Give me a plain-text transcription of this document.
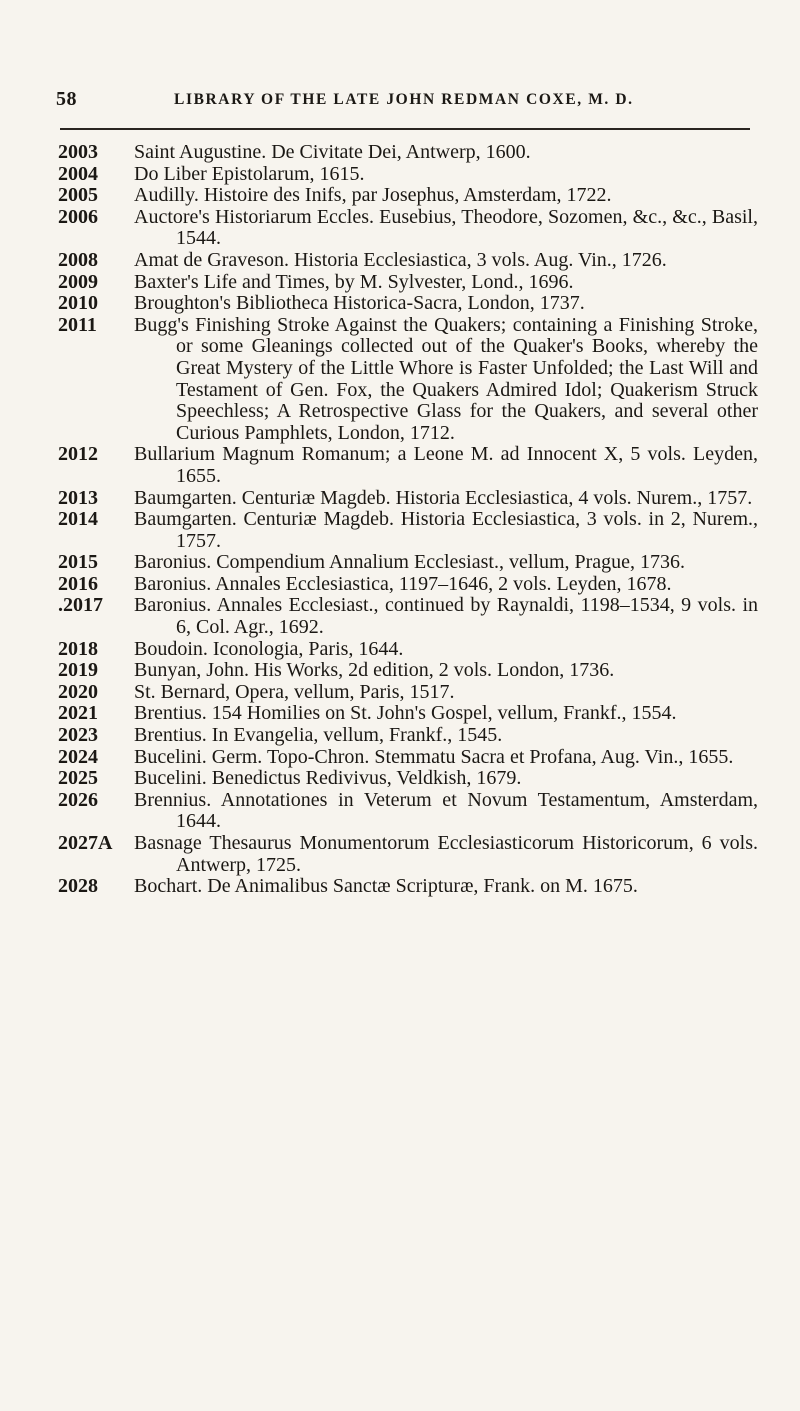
58	LIBRARY OF THE LATE JOHN REDMAN COXE, M. D.
2003	Saint Augustine. De Civitate Dei, Antwerp, 1600.
2004	Do Liber Epistolarum, 1615.
2005	Audilly. Histoire des Inifs, par Josephus, Amsterdam, 1722.
2006	Auctore's Historiarum Eccles. Eusebius, Theodore, Sozomen, &c., &c., Basil, 1544.
2008	Amat de Graveson. Historia Ecclesiastica, 3 vols. Aug. Vin., 1726.
2009	Baxter's Life and Times, by M. Sylvester, Lond., 1696.
2010	Broughton's Bibliotheca Historica-Sacra, London, 1737.
2011	Bugg's Finishing Stroke Against the Quakers; containing a Finishing Stroke, or some Gleanings collected out of the Quaker's Books, whereby the Great Mystery of the Little Whore is Faster Unfolded; the Last Will and Testament of Gen. Fox, the Quakers Admired Idol; Quakerism Struck Speechless; A Retrospective Glass for the Quakers, and several other Curious Pamphlets, London, 1712.
2012	Bullarium Magnum Romanum; a Leone M. ad Innocent X, 5 vols. Leyden, 1655.
2013	Baumgarten. Centuriæ Magdeb. Historia Ecclesiastica, 4 vols. Nurem., 1757.
2014	Baumgarten. Centuriæ Magdeb. Historia Ecclesiastica, 3 vols. in 2, Nurem., 1757.
2015	Baronius. Compendium Annalium Ecclesiast., vellum, Prague, 1736.
2016	Baronius. Annales Ecclesiastica, 1197–1646, 2 vols. Leyden, 1678.
.2017	Baronius. Annales Ecclesiast., continued by Raynaldi, 1198–1534, 9 vols. in 6, Col. Agr., 1692.
2018	Boudoin. Iconologia, Paris, 1644.
2019	Bunyan, John. His Works, 2d edition, 2 vols. London, 1736.
2020	St. Bernard, Opera, vellum, Paris, 1517.
2021	Brentius. 154 Homilies on St. John's Gospel, vellum, Frankf., 1554.
2023	Brentius. In Evangelia, vellum, Frankf., 1545.
2024	Bucelini. Germ. Topo-Chron. Stemmatu Sacra et Profana, Aug. Vin., 1655.
2025	Bucelini. Benedictus Redivivus, Veldkish, 1679.
2026	Brennius. Annotationes in Veterum et Novum Testamentum, Amsterdam, 1644.
2027A	Basnage Thesaurus Monumentorum Ecclesiasticorum Historicorum, 6 vols. Antwerp, 1725.
2028	Bochart. De Animalibus Sanctæ Scripturæ, Frank. on M. 1675.
